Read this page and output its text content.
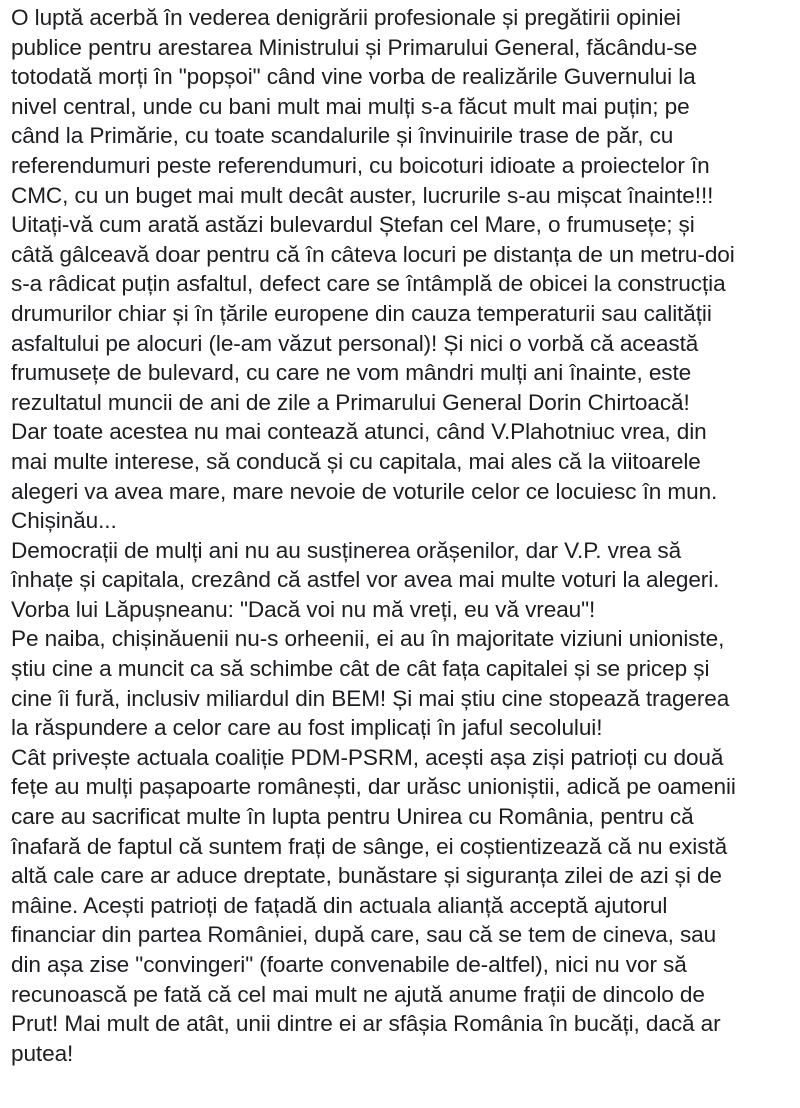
O luptă acerbă în vederea denigrării profesionale și pregătirii opiniei
publice pentru arestarea Ministrului și Primarului General, făcându-se
totodată morți în "popșoi" când vine vorba de realizările Guvernului la
nivel central, unde cu bani mult mai mulți s-a făcut mult mai puțin; pe
când la Primărie, cu toate scandalurile și învinuirile trase de păr, cu
referendumuri peste referendumuri, cu boicoturi idioate a proiectelor în
CMC, cu un buget mai mult decât auster, lucrurile s-au mișcat înainte!!!
Uitați-vă cum arată astăzi bulevardul Ștefan cel Mare, o frumusețe; și
câtă gâlceavă doar pentru că în câteva locuri pe distanța de un metru-doi
s-a râdicat puțin asfaltul, defect care se întâmplă de obicei la construcția
drumurilor chiar și în țările europene din cauza temperaturii sau calității
asfaltului pe alocuri (le-am văzut personal)! Și nici o vorbă că această
frumusețe de bulevard, cu care ne vom mândri mulți ani înainte, este
rezultatul muncii de ani de zile a Primarului General Dorin Chirtoacă!
Dar toate acestea nu mai contează atunci, când V.Plahotniuc vrea, din
mai multe interese, să conducă și cu capitala, mai ales că la viitoarele
alegeri va avea mare, mare nevoie de voturile celor ce locuiesc în mun.
Chișinău...
Democrații de mulți ani nu au susținerea orășenilor, dar V.P. vrea să
înhațe și capitala, crezând că astfel vor avea mai multe voturi la alegeri.
Vorba lui Lăpușneanu: "Dacă voi nu mă vreți, eu vă vreau"!
Pe naiba, chișinăuenii nu-s orheenii, ei au în majoritate viziuni unioniste,
știu cine a muncit ca să schimbe cât de cât fața capitalei și se pricep și
cine îi fură, inclusiv miliardul din BEM! Și mai știu cine stopează tragerea
la răspundere a celor care au fost implicați în jaful secolului!
Cât privește actuala coaliție PDM-PSRM, acești așa ziși patrioți cu două
fețe au mulți pașapoarte românești, dar urăsc unioniștii, adică pe oamenii
care au sacrificat multe în lupta pentru Unirea cu România, pentru că
înafară de faptul că suntem frați de sânge, ei coștientizează că nu există
altă cale care ar aduce dreptate, bunăstare și siguranța zilei de azi și de
mâine. Acești patrioți de fațadă din actuala alianță acceptă ajutorul
financiar din partea României, după care, sau că se tem de cineva, sau
din așa zise "convingeri" (foarte convenabile de-altfel), nici nu vor să
recunoască pe fată că cel mai mult ne ajută anume frații de dincolo de
Prut! Mai mult de atât, unii dintre ei ar sfâșia România în bucăți, dacă ar
putea!
